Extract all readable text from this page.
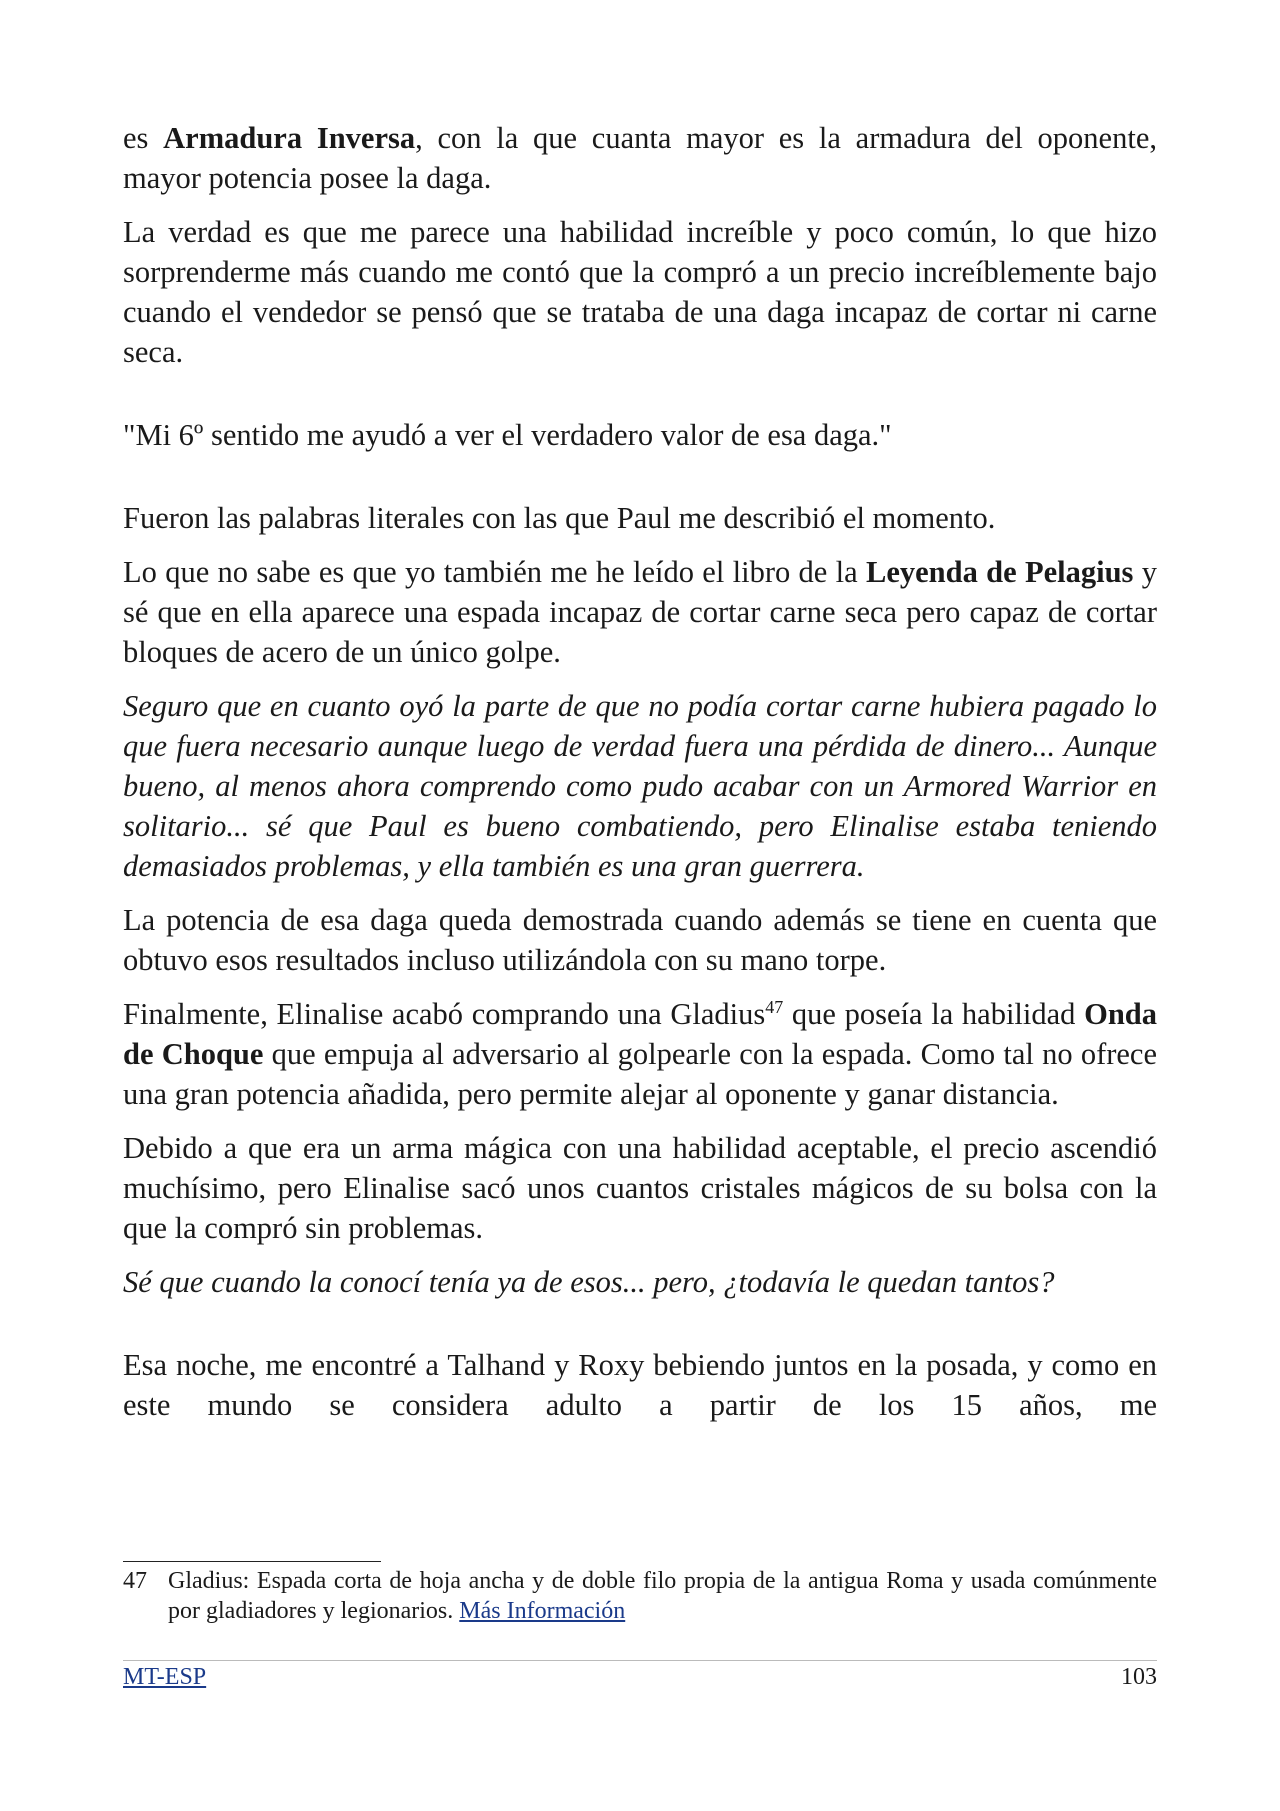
es Armadura Inversa, con la que cuanta mayor es la armadura del oponente, mayor potencia posee la daga.

La verdad es que me parece una habilidad increíble y poco común, lo que hizo sorprenderme más cuando me contó que la compró a un precio increíblemente bajo cuando el vendedor se pensó que se trataba de una daga incapaz de cortar ni carne seca.

"Mi 6º sentido me ayudó a ver el verdadero valor de esa daga."

Fueron las palabras literales con las que Paul me describió el momento.

Lo que no sabe es que yo también me he leído el libro de la Leyenda de Pelagius y sé que en ella aparece una espada incapaz de cortar carne seca pero capaz de cortar bloques de acero de un único golpe.

Seguro que en cuanto oyó la parte de que no podía cortar carne hubiera pagado lo que fuera necesario aunque luego de verdad fuera una pérdida de dinero... Aunque bueno, al menos ahora comprendo como pudo acabar con un Armored Warrior en solitario... sé que Paul es bueno combatiendo, pero Elinalise estaba teniendo demasiados problemas, y ella también es una gran guerrera.

La potencia de esa daga queda demostrada cuando además se tiene en cuenta que obtuvo esos resultados incluso utilizándola con su mano torpe.

Finalmente, Elinalise acabó comprando una Gladius$^{47}$ que poseía la habilidad Onda de Choque que empuja al adversario al golpearle con la espada. Como tal no ofrece una gran potencia añadida, pero permite alejar al oponente y ganar distancia.

Debido a que era un arma mágica con una habilidad aceptable, el precio ascendió muchísimo, pero Elinalise sacó unos cuantos cristales mágicos de su bolsa con la que la compró sin problemas.

Sé que cuando la conocí tenía ya de esos... pero, ¿todavía le quedan tantos?

Esa noche, me encontré a Talhand y Roxy bebiendo juntos en la posada, y como en este mundo se considera adulto a partir de los 15 años, me

47 Gladius: Espada corta de hoja ancha y de doble filo propia de la antigua Roma y usada comúnmente por gladiadores y legionarios. Más Información
MT-ESP	103
